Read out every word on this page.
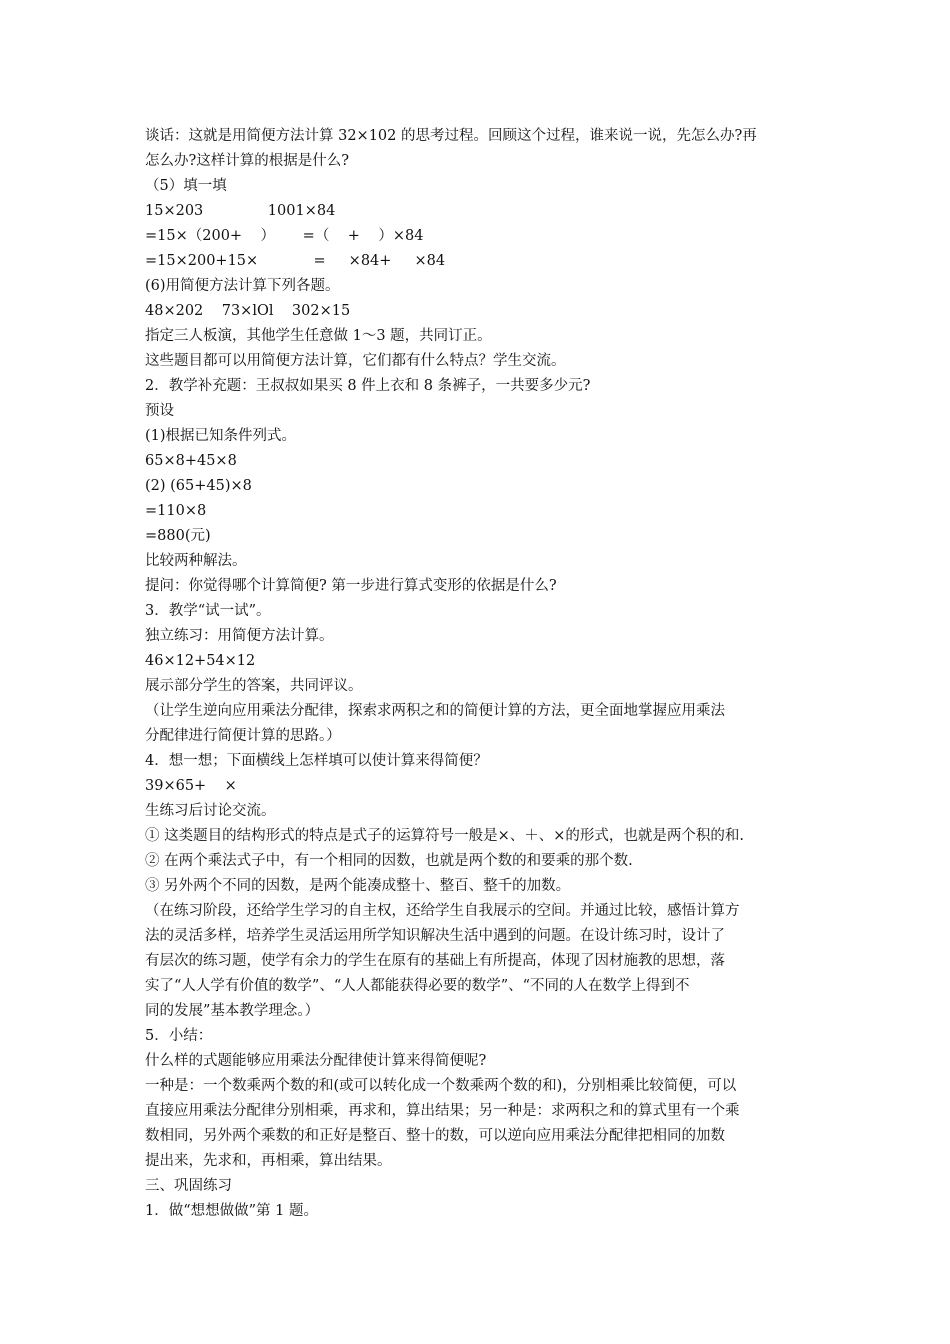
谈话：这就是用简便方法计算 32×102 的思考过程。回顾这个过程，谁来说一说，先怎么办?再
怎么办?这样计算的根据是什么?
（5）填一填
15×203              1001×84
=15×（200+    ）      =（    +    ）×84
=15×200+15×            =     ×84+     ×84
(6)用简便方法计算下列各题。
48×202    73×lOl    302×15
指定三人板演，其他学生任意做 1～3 题，共同订正。
这些题目都可以用简便方法计算，它们都有什么特点？学生交流。
2．教学补充题：王叔叔如果买 8 件上衣和 8 条裤子，一共要多少元?
预设
(1)根据已知条件列式。
65×8+45×8
(2) (65+45)×8
=110×8
=880(元)
比较两种解法。
提问：你觉得哪个计算简便? 第一步进行算式变形的依据是什么?
3．教学“试一试”。
独立练习：用简便方法计算。
46×12+54×12
展示部分学生的答案，共同评议。
（让学生逆向应用乘法分配律，探索求两积之和的简便计算的方法，更全面地掌握应用乘法
分配律进行简便计算的思路。）
4．想一想；下面横线上怎样填可以使计算来得简便？
39×65+    ×
生练习后讨论交流。
① 这类题目的结构形式的特点是式子的运算符号一般是×、＋、×的形式，也就是两个积的和.
② 在两个乘法式子中，有一个相同的因数，也就是两个数的和要乘的那个数.
③ 另外两个不同的因数，是两个能凑成整十、整百、整千的加数。
（在练习阶段，还给学生学习的自主权，还给学生自我展示的空间。并通过比较，感悟计算方
法的灵活多样，培养学生灵活运用所学知识解决生活中遇到的问题。在设计练习时，设计了
有层次的练习题，使学有余力的学生在原有的基础上有所提高，体现了因材施教的思想，落
实了“人人学有价值的数学”、“人人都能获得必要的数学”、“不同的人在数学上得到不
同的发展”基本教学理念。）
5．小结：
什么样的式题能够应用乘法分配律使计算来得简便呢?
一种是：一个数乘两个数的和(或可以转化成一个数乘两个数的和)，分别相乘比较简便，可以
直接应用乘法分配律分别相乘，再求和，算出结果；另一种是：求两积之和的算式里有一个乘
数相同，另外两个乘数的和正好是整百、整十的数，可以逆向应用乘法分配律把相同的加数
提出来，先求和，再相乘，算出结果。
三、巩固练习
1．做“想想做做”第 1 题。
